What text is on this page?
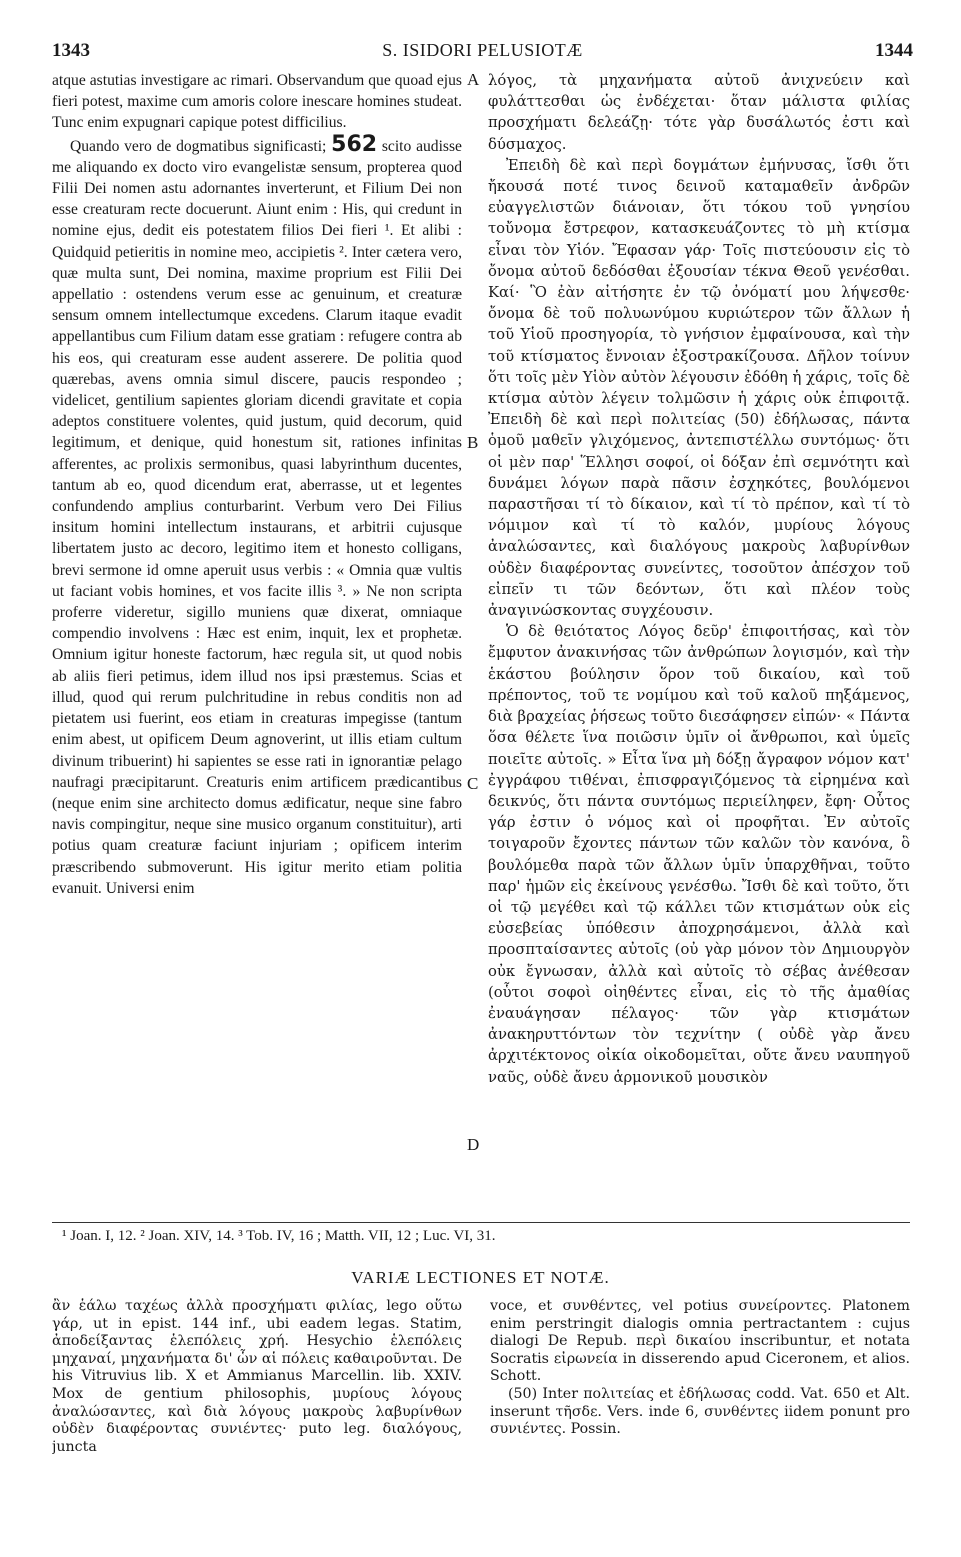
1343	S. ISIDORI PELUSIOTÆ	1344

atque astutias investigare ac rimari. Observandum que quoad ejus fieri potest, maxime cum amoris colore inescare homines studeat. Tunc enim expugnari capique potest difficilius.

Quando vero de dogmatibus significasti; 562 scito audisse me aliquando ex docto viro evangelistæ sensum, propterea quod Filii Dei nomen astu adornantes inverterunt, et Filium Dei non esse creaturam recte docuerunt. Aiunt enim : His, qui credunt in nomine ejus, dedit eis potestatem filios Dei fieri ¹. Et alibi : Quidquid petieritis in nomine meo, accipietis ². Inter cætera vero, quæ multa sunt, Dei nomina, maxime proprium est Filii Dei appellatio : ostendens verum esse ac genuinum, et creaturæ sensum omnem intellectumque excedens. Clarum itaque evadit appellantibus cum Filium datam esse gratiam : refugere contra ab his eos, qui creaturam esse audent asserere. De politia quod quærebas, avens omnia simul discere, paucis respondeo ; videlicet, gentilium sapientes gloriam dicendi gravitate et copia adeptos constituere volentes, quid justum, quid decorum, quid legitimum, et denique, quid honestum sit, rationes infinitas afferentes, ac prolixis sermonibus, quasi labyrinthum ducentes, tantum ab eo, quod dicendum erat, aberrasse, ut et legentes confundendo amplius conturbarint. Verbum vero Dei Filius insitum homini intellectum instaurans, et arbitrii cujusque libertatem justo ac decoro, legitimo item et honesto colligans, brevi sermone id omne aperuit usus verbis : « Omnia quæ vultis ut faciant vobis homines, et vos facite illis ³. » Ne non scripta proferre videretur, sigillo muniens quæ dixerat, omniaque compendio involvens : Hæc est enim, inquit, lex et prophetæ. Omnium igitur honeste factorum, hæc regula sit, ut quod nobis ab aliis fieri petimus, idem illud nos ipsi præstemus. Scias et illud, quod qui rerum pulchritudine in rebus conditis non ad pietatem usi fuerint, eos etiam in creaturas impegisse (tantum enim abest, ut opificem Deum agnoverint, ut illis etiam cultum divinum tribuerint) hi sapientes se esse rati in ignorantiæ pelago naufragi præcipitarunt. Creaturis enim artificem prædicantibus (neque enim sine architecto domus ædificatur, neque sine fabro navis compingitur, neque sine musico organum constituitur), arti potius quam creaturæ faciunt injuriam ; opificem interim præscribendo submoverunt. His igitur merito etiam politia evanuit. Universi enim

A
B
C
D

λόγος, τὰ μηχανήματα αὐτοῦ ἀνιχνεύειν καὶ φυλάττεσθαι ὡς ἐνδέχεται· ὅταν μάλιστα φιλίας προσχήματι δελεάζῃ· τότε γὰρ δυσάλωτός ἐστι καὶ δύσμαχος.

Ἐπειδὴ δὲ καὶ περὶ δογμάτων ἐμήνυσας, ἴσθι ὅτι ἤκουσά ποτέ τινος δεινοῦ καταμαθεῖν ἀνδρῶν εὐαγγελιστῶν διάνοιαν, ὅτι τόκου τοῦ γνησίου τοὔνομα ἔστρεφον, κατασκευάζοντες τὸ μὴ κτίσμα εἶναι τὸν Υἱόν. Ἔφασαν γάρ· Τοῖς πιστεύουσιν εἰς τὸ ὄνομα αὐτοῦ δεδόσθαι ἐξουσίαν τέκνα Θεοῦ γενέσθαι. Καί· Ὃ ἐὰν αἰτήσητε ἐν τῷ ὀνόματί μου λήψεσθε· ὄνομα δὲ τοῦ πολυωνύμου κυριώτερον τῶν ἄλλων ἡ τοῦ Υἱοῦ προσηγορία, τὸ γνήσιον ἐμφαίνουσα, καὶ τὴν τοῦ κτίσματος ἔννοιαν ἐξοστρακίζουσα. Δῆλον τοίνυν ὅτι τοῖς μὲν Υἱὸν αὐτὸν λέγουσιν ἐδόθη ἡ χάρις, τοῖς δὲ κτίσμα αὐτὸν λέγειν τολμῶσιν ἡ χάρις οὐκ ἐπιφοιτᾷ. Ἐπειδὴ δὲ καὶ περὶ πολιτείας (50) ἐδήλωσας, πάντα ὁμοῦ μαθεῖν γλιχόμενος, ἀντεπιστέλλω συντόμως· ὅτι οἱ μὲν παρ' Ἕλλησι σοφοί, οἱ δόξαν ἐπὶ σεμνότητι καὶ δυνάμει λόγων παρὰ πᾶσιν ἐσχηκότες, βουλόμενοι παραστῆσαι τί τὸ δίκαιον, καὶ τί τὸ πρέπον, καὶ τί τὸ νόμιμον καὶ τί τὸ καλόν, μυρίους λόγους ἀναλώσαντες, καὶ διαλόγους μακροὺς λαβυρίνθων οὐδὲν διαφέροντας συνείντες, τοσοῦτον ἀπέσχον τοῦ εἰπεῖν τι τῶν δεόντων, ὅτι καὶ πλέον τοὺς ἀναγινώσκοντας συγχέουσιν.

Ὁ δὲ θειότατος Λόγος δεῦρ' ἐπιφοιτήσας, καὶ τὸν ἔμφυτον ἀνακινήσας τῶν ἀνθρώπων λογισμόν, καὶ τὴν ἑκάστου βούλησιν ὅρον τοῦ δικαίου, καὶ τοῦ πρέποντος, τοῦ τε νομίμου καὶ τοῦ καλοῦ πηξάμενος, διὰ βραχείας ῥήσεως τοῦτο διεσάφησεν εἰπών· « Πάντα ὅσα θέλετε ἵνα ποιῶσιν ὑμῖν οἱ ἄνθρωποι, καὶ ὑμεῖς ποιεῖτε αὐτοῖς. » Εἶτα ἵνα μὴ δόξῃ ἄγραφον νόμον κατ' ἐγγράφου τιθέναι, ἐπισφραγιζόμενος τὰ εἰρημένα καὶ δεικνύς, ὅτι πάντα συντόμως περιείληφεν, ἔφη· Οὗτος γάρ ἐστιν ὁ νόμος καὶ οἱ προφῆται. Ἐν αὐτοῖς τοιγαροῦν ἔχοντες πάντων τῶν καλῶν τὸν κανόνα, ὃ βουλόμεθα παρὰ τῶν ἄλλων ὑμῖν ὑπαρχθῆναι, τοῦτο παρ' ἡμῶν εἰς ἐκείνους γενέσθω. Ἴσθι δὲ καὶ τοῦτο, ὅτι οἱ τῷ μεγέθει καὶ τῷ κάλλει τῶν κτισμάτων οὐκ εἰς εὐσεβείας ὑπόθεσιν ἀποχρησάμενοι, ἀλλὰ καὶ προσπταίσαντες αὐτοῖς (οὐ γὰρ μόνον τὸν Δημιουργὸν οὐκ ἔγνωσαν, ἀλλὰ καὶ αὐτοῖς τὸ σέβας ἀνέθεσαν (οὗτοι σοφοὶ οἰηθέντες εἶναι, εἰς τὸ τῆς ἀμαθίας ἐναυάγησαν πέλαγος· τῶν γὰρ κτισμάτων ἀνακηρυττόντων τὸν τεχνίτην ( οὐδὲ γὰρ ἄνευ ἀρχιτέκτονος οἰκία οἰκοδομεῖται, οὔτε ἄνευ ναυπηγοῦ ναῦς, οὐδὲ ἄνευ ἁρμονικοῦ μουσικὸν

¹ Joan. I, 12. ² Joan. XIV, 14. ³ Tob. IV, 16 ; Matth. VII, 12 ; Luc. VI, 31.
VARIÆ LECTIONES ET NOTÆ.

ἂν ἑάλω ταχέως ἀλλὰ προσχήματι φιλίας, lego οὕτω γάρ, ut in epist. 144 inf., ubi eadem legas. Statim, ἀποδείξαντας ἑλεπόλεις χρή. Hesychio ἑλεπόλεις μηχαναί, μηχανήματα δι' ὧν αἱ πόλεις καθαιροῦνται. De his Vitruvius lib. X et Ammianus Marcellin. lib. XXIV. Mox de gentium philosophis, μυρίους λόγους ἀναλώσαντες, καὶ διὰ λόγους μακροὺς λαβυρίνθων οὐδὲν διαφέροντας συνιέντες· puto leg. διαλόγους, juncta

voce, et συνθέντες, vel potius συνείροντες. Platonem enim perstringit dialogis omnia pertractantem : cujus dialogi De Repub. περὶ δικαίου inscribuntur, et notata Socratis εἰρωνεία in disserendo apud Ciceronem, et alios. Schott.

(50) Inter πολιτείας et ἐδήλωσας codd. Vat. 650 et Alt. inserunt τῆσδε. Vers. inde 6, συνθέντες iidem ponunt pro συνιέντες. Possin.
